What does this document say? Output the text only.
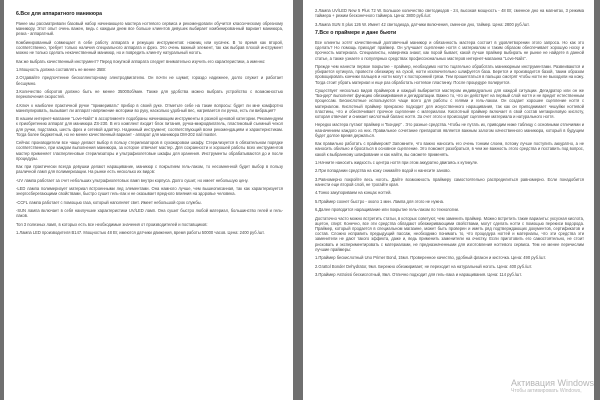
6.Все для аппаратного маникюра

Ранее мы рассматривали базовый набор начинающего мастера ногтевого сервиса и рекомендовали обучится классическому обрезному маникюру. Этот опыт очень важен, ведь с каждым днем все больше клиентов девушек выбирает комбинированный вариант маникюра, резка - аппаратный.

Комбинированный совмещает в себе работу аппарата и режущих инструментов: ножниц или кусачек. В то время как второй, соответственно, требует только наличия специального аппарата и фрез. Это очень важный элемент, так как выбрав плохой инструмент можно не только сделать некачественный маникюр, но и повредить клиенту натуральный ноготь.

Как же выбрать качественный инструмент? Перед покупкой аппарата следует внимательно изучить его характеристики, а именно:

1.Мощность должна составлять не менее 35Вт.

2.Отдавайте предпочтение бесколлекторному электродвигателю. Он почти не шумит, гораздо надежнее, долго служит и работает бесшумно.

3.Количество оборотов должно быть не менее 35000об/мин. Также для удобства можно выбрать устройство с возможностью переключения скоростей.

4.Ключ к наиболее практичной ручке "примеривать" прибор в своей руке. Отметьте себе на такие вопросы: будет ли мне комфортно манипулировать, вызывает ли аппарат напряжение моторики во руку, насколько удобный вес, нагревается ли ручка, есть ли вибрация?

В нашем интернет-магазине "Love-Nails" в ассортименте подобраны начинающим инструменты в разной ценовой категории. Рекомендуем к приобретению аппарат для маникюра ZS-230. В его комплект входит блок питания, ручка-микродвигатель, пластиковый съемный чехол для ручки, подставка, шесть фрез и сетевой адаптер. Надежный инструмент, соответствующий всем рекомендациям и характеристикам. Тогда более бюджетный, но не менее качественный вариант - аппарат для маникюра DM-202 nail master.

Сейчас производители все чаще делают выбор в пользу стерилизаторов в сухожаровом шкафу. Стерилизуется в обязательном порядке соответственно, при каждом выполнения маникюра, за которое отвечает мастер. Для сохранности и хорошей работы всех инструментов мастер применяет гласперленовые стерилизаторы и ультрафиолетовые шкафы для хранения. Инструменты обрабатываются до и после процедуры.

Как при практически всегда девушки делают наращивание, маникюр с покрытием гель-лаком, то несомненной будет выбор в пользу различной ламп для полимеризации. На рынке есть несколько их видов:

-UV лампа работает за счет небольших ультрафиолетовых ламп внутри корпуса. Долго сушит, но имеет небольшую цену.

-LED лампа полимеризует материал встроенными лед элементами. Она намного лучше, чем вышеописанная, так как характеризуется энергосберегающими свойствами, быстро сушит гель-лак и не оказывает вредного влияния на здоровье человека.

-CCFL лампа работает с помощью газа, который наполняет свет. Имеет небольшой срок службы.

-SUN лампа включает в себя наилучшие характеристики UV/LED ламп. Она сушит быстро любой материал, большинство гелей и гель-лаков.

Топ 3 полезных ламп, в которых есть все необходимые значения от производителей и поставщиков:

1.Лампа LED производителя B147. Мощностью 48 Вт, имеются датчики движения, время работы 50000 часов. Цена: 2400 руб./шт.

2.Лампа UV/LED New 5 Plus 72 W. Большое количество светодиодов - 24, высокая мощность - 48 Вт, сменное дно на магнитах, 3 режима таймера + режим бесконечного таймера. Цена: 3800 руб./шт.

3.Лампа SUN X plus 126 W. Имеет 42 светодиода, датчики включения, сменное дно, таймер. Цена: 2800 руб./шт.

7.Все о праймере и дане бьюти

Все клиенты хотят качественный долговечный маникюр и обязанность мастера состоит в удовлетворении этого запроса. Но как это сделать? Но помощь приходит праймер. Он улучшает сцепление ногтя с материалом и таким образом обеспечивает хорошую носку и прочность материала. Специалисты, наверняка знают, как порой бывает, какой лучше праймер выбирать не рынке не найдете в данной статье, а также узнаете о популярных средствах профессиональных мастеров интернет-магазина "Love-Nails".

Прежде чем нанести первое покрытие - праймер, необходимо ногтю тщательно обработать маникюрным инструментами. Развеиваются и убирается кутикула, провести обезжирку на сухой, ногти исключительно шлифуется база. Берется и производится базой, таким образом провоцировать кончики пальцев и ногти могут к посторонний грязи. Тем прошептаться в пальцах смотрят чтобы ногти не выходили на кожу. Тогда стоит убрать материал и еще раз обработать ногтевое пластинку. После процедуре полируется.

Существует несколько видов праймеров и каждый выбирается мастером индивидуально для каждой ситуации. Дегидратор или он же "Бондер" выполняет функцию обезжиривания и дегидратации. Важно то, что он действует на первый слой ногтя и не вредит естественным процессам. Бескислотные используются чаще всего для работы с гелями и гель-лаком. Он создает хорошее сцепление ногтя с материалом. Кислотный праймер прекрасно подходит для искусственного наращивания, так как он приподнимает чешуйки ногтевой пластины, что и обеспечивает прочное сцепление с материалом. Кислотный праймер включает в свой состав метакриловую кислоту, которая отвечает и снижает кислотный баланс ногтя. За счет этого и происходит сцепление материала и натурального ногтя.

Нередко мастера путают праймер и "Бондер" . Это разные средства. Чтобы не путать их, приводим ниже таблицу с основными отличиями и назначением каждого из них. Правильное сочетание препаратов является важным залогом качественного маникюра, который в будущем будет долгое время держаться.

Как правильно работать с праймером? Запомните, что важно наносить его очень тонким слоем, потому лучше поступить аккуратно, а не наносить обильно и бросаться в основное сцепление. Это поможет разобраться, в чем же важность этого средства и поставить под вопрос, какой к выбранному шлифование и как найти, вы сможете применять.

1.Начните наносить жидкость с центра ногтя при этом аккуратно двигаясь к кутикуле.

2.При попадании средства на кожу снимайте водой и нанесите заново.

3.Равномерно покройте весь ноготь. Дайте возможность праймеру самостоятельно распределиться равномерно. Если понадобится нанести еще второй слой, не трогайте края.

4.Тонко закупориваем на концах ногтей.

5.Праймер сохнет быстро - около 1 мин. Лампа для этого не нужна.

6.Далее проводится наращивание или покрытие гель-лаком по технологии.

Достаточно часто можно встретить статьи, в которых советуют, чем заменить праймер. Можно встретить такие варианты: уксусная кислота, ацетон, спирт. Конечно, все эти средства обладают обезжиривающими свойствами, могут сделать ногти с помощью перекиси водорода. Праймер, который продается в специальном магазине, может быть проверен и иметь ряд подтверждающих документов, сертификатов и состав. Сложно исправить предыдущий пассаж, необходимо понимать то, что процедура ногтей и материалы, что эти средства эти заменители не дают такого эффекта, даже и, ведь применить заменители на очистку. Если приготовить его самостоятельно, не стоит рисковать и экспериментировать с материалами, не предназначенными для изготовления ногтевого сервиса. Тем не менее перечислим лучшие праймеры:

1.Праймер бескислотный Uno Primer Bond, 15мл. Проверенное качество, удобный флакон и кисточка. Цена: 490 руб./шт.

2.Grattol Bonder Dehydrator, 9мл. Бережно обезжиривает, не переходит на натуральный ноготь. Цена: 400 руб./шт.

3.Праймер Astroissi бескислотный, 8мл. Отлично подходит для гель-лака и наращивания. Цена: 114 руб./шт.

Активация Windows
Чтобы активировать Windows,
